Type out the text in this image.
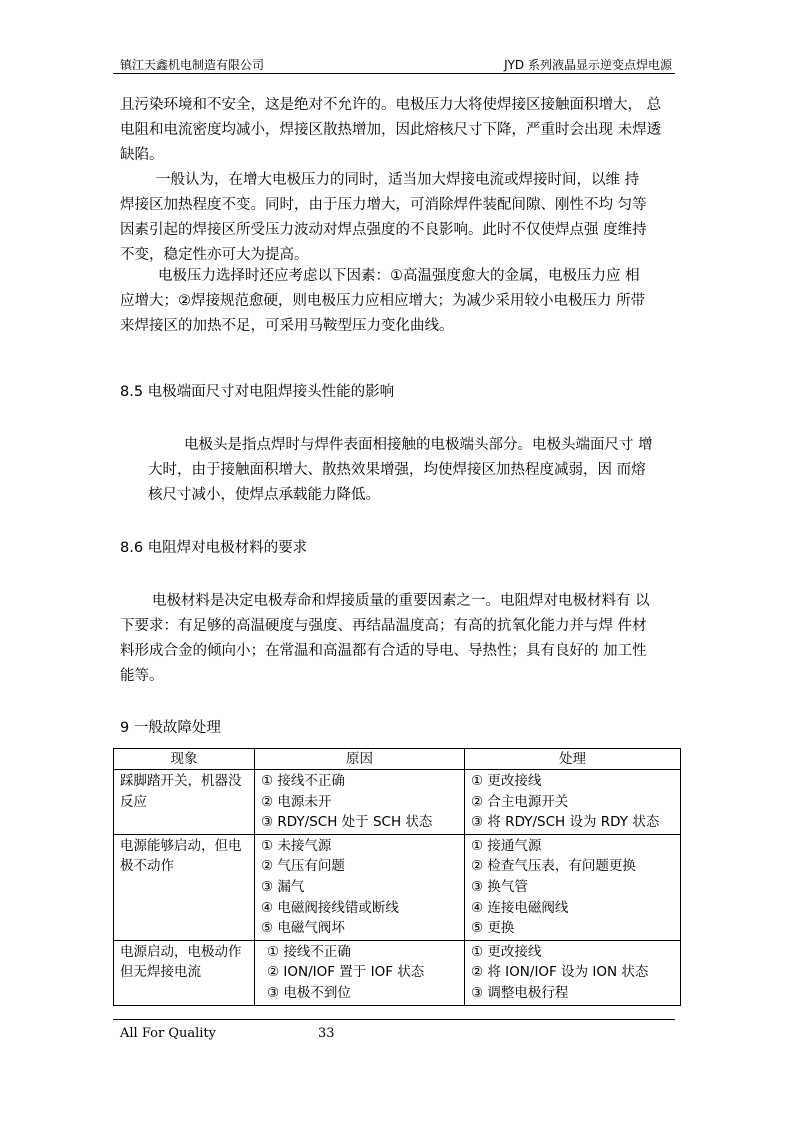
镇江天鑫机电制造有限公司	JYD 系列液晶显示逆变点焊电源
且污染环境和不安全，这是绝对不允许的。电极压力大将使焊接区接触面积增大， 总
电阻和电流密度均减小，焊接区散热增加，因此熔核尺寸下降，严重时会出现 未焊透
缺陷。
一般认为，在增大电极压力的同时，适当加大焊接电流或焊接时间，以维 持
焊接区加热程度不变。同时，由于压力增大，可消除焊件装配间隙、刚性不均 匀等
因素引起的焊接区所受压力波动对焊点强度的不良影响。此时不仅使焊点强 度维持
不变，稳定性亦可大为提高。
电极压力选择时还应考虑以下因素：①高温强度愈大的金属，电极压力应 相
应增大；②焊接规范愈硬，则电极压力应相应增大；为减少采用较小电极压力 所带
来焊接区的加热不足，可采用马鞍型压力变化曲线。
8.5 电极端面尺寸对电阻焊接头性能的影响
电极头是指点焊时与焊件表面相接触的电极端头部分。电极头端面尺寸 增
大时，由于接触面积增大、散热效果增强，均使焊接区加热程度减弱，因 而熔
核尺寸减小，使焊点承载能力降低。
8.6 电阻焊对电极材料的要求
电极材料是决定电极寿命和焊接质量的重要因素之一。电阻焊对电极材料有 以
下要求：有足够的高温硬度与强度、再结晶温度高；有高的抗氧化能力并与焊 件材
料形成合金的倾向小；在常温和高温都有合适的导电、导热性；具有良好的 加工性
能等。
9 一般故障处理
现象	原因	处理

踩脚踏开关，机器没
反应	① 接线不正确
② 电源未开
③ RDY/SCH 处于 SCH 状态	① 更改接线
② 合主电源开关
③ 将 RDY/SCH 设为 RDY 状态

电源能够启动，但电
极不动作	① 未接气源
② 气压有问题
③ 漏气
④ 电磁阀接线错或断线
⑤ 电磁气阀坏	① 接通气源
② 检查气压表，有问题更换
③ 换气管
④ 连接电磁阀线
⑤ 更换

电源启动，电极动作
但无焊接电流	① 接线不正确
② ION/IOF 置于 IOF 状态
③ 电极不到位	① 更改接线
② 将 ION/IOF 设为 ION 状态
③ 调整电极行程
All For Quality	33
